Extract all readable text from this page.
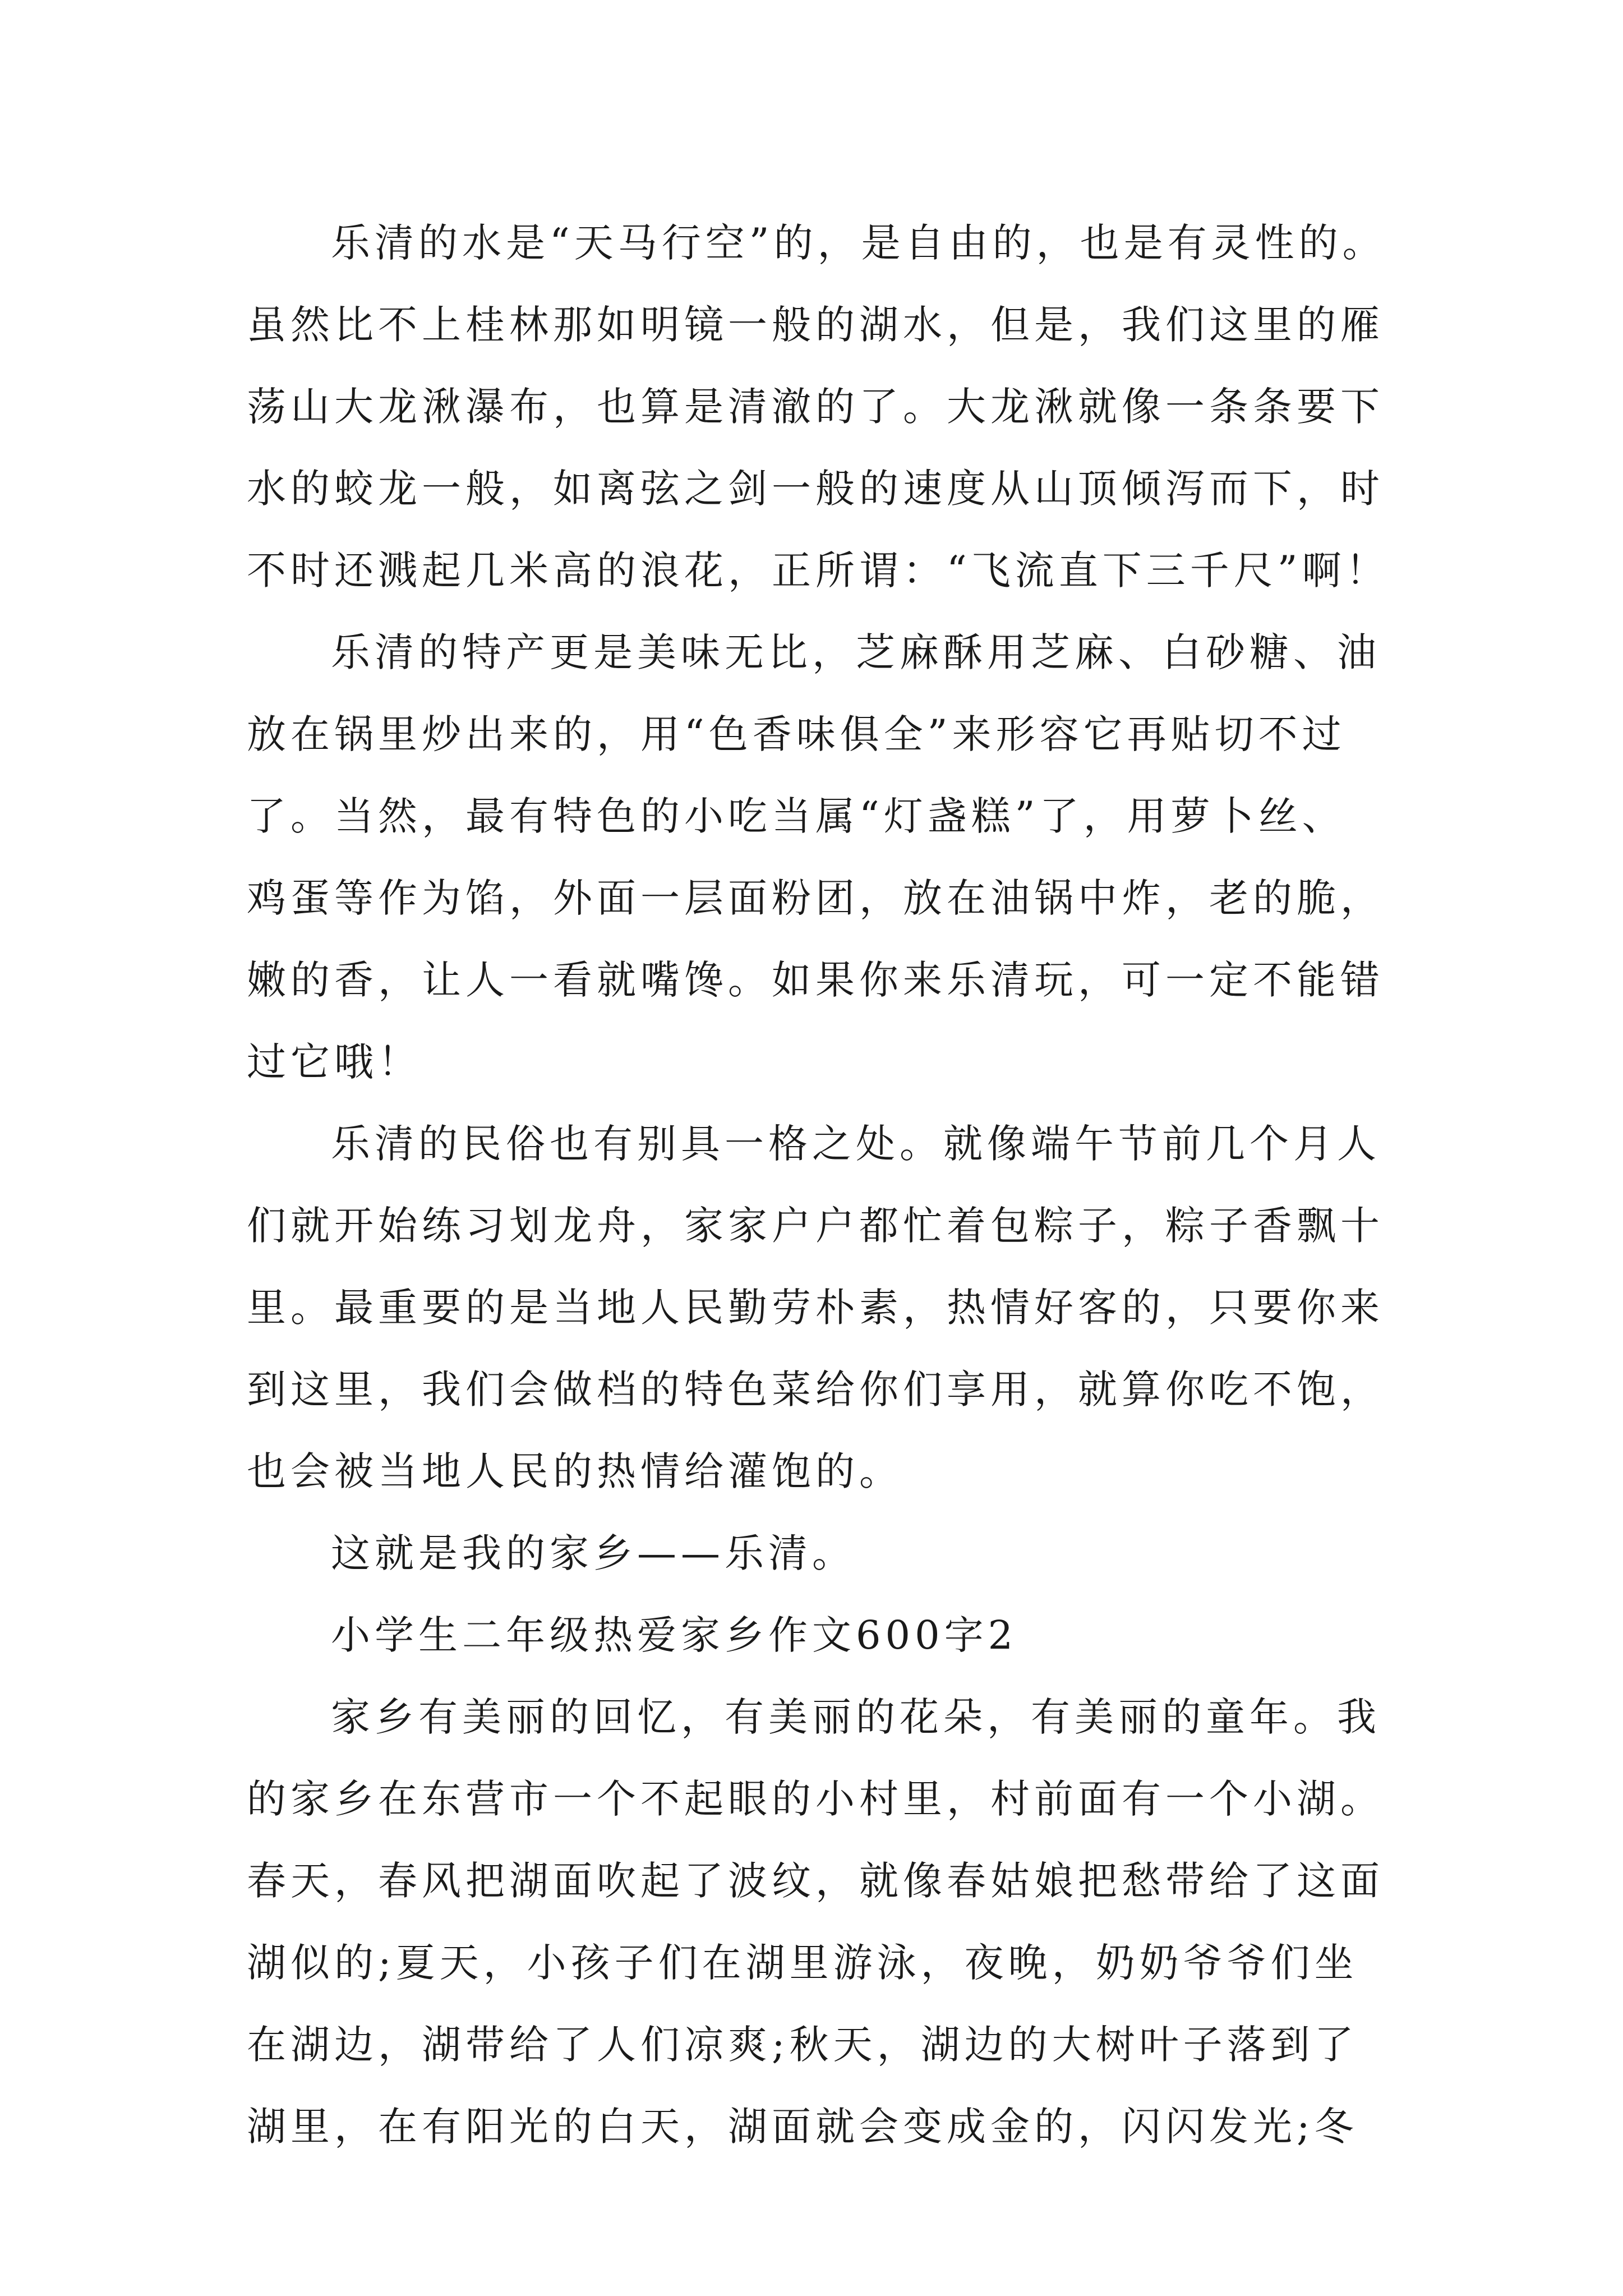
乐清的水是“天马行空”的，是自由的，也是有灵性的。
虽然比不上桂林那如明镜一般的湖水，但是，我们这里的雁
荡山大龙湫瀑布，也算是清澈的了。大龙湫就像一条条要下
水的蛟龙一般，如离弦之剑一般的速度从山顶倾泻而下，时
不时还溅起几米高的浪花，正所谓：“飞流直下三千尺”啊！
乐清的特产更是美味无比，芝麻酥用芝麻、白砂糖、油
放在锅里炒出来的，用“色香味俱全”来形容它再贴切不过
了。当然，最有特色的小吃当属“灯盏糕”了，用萝卜丝、
鸡蛋等作为馅，外面一层面粉团，放在油锅中炸，老的脆，
嫩的香，让人一看就嘴馋。如果你来乐清玩，可一定不能错
过它哦！
乐清的民俗也有别具一格之处。就像端午节前几个月人
们就开始练习划龙舟，家家户户都忙着包粽子，粽子香飘十
里。最重要的是当地人民勤劳朴素，热情好客的，只要你来
到这里，我们会做档的特色菜给你们享用，就算你吃不饱，
也会被当地人民的热情给灌饱的。
这就是我的家乡——乐清。
小学生二年级热爱家乡作文600字2
家乡有美丽的回忆，有美丽的花朵，有美丽的童年。我
的家乡在东营市一个不起眼的小村里，村前面有一个小湖。
春天，春风把湖面吹起了波纹，就像春姑娘把愁带给了这面
湖似的;夏天，小孩子们在湖里游泳，夜晚，奶奶爷爷们坐
在湖边，湖带给了人们凉爽;秋天，湖边的大树叶子落到了
湖里，在有阳光的白天，湖面就会变成金的，闪闪发光;冬
